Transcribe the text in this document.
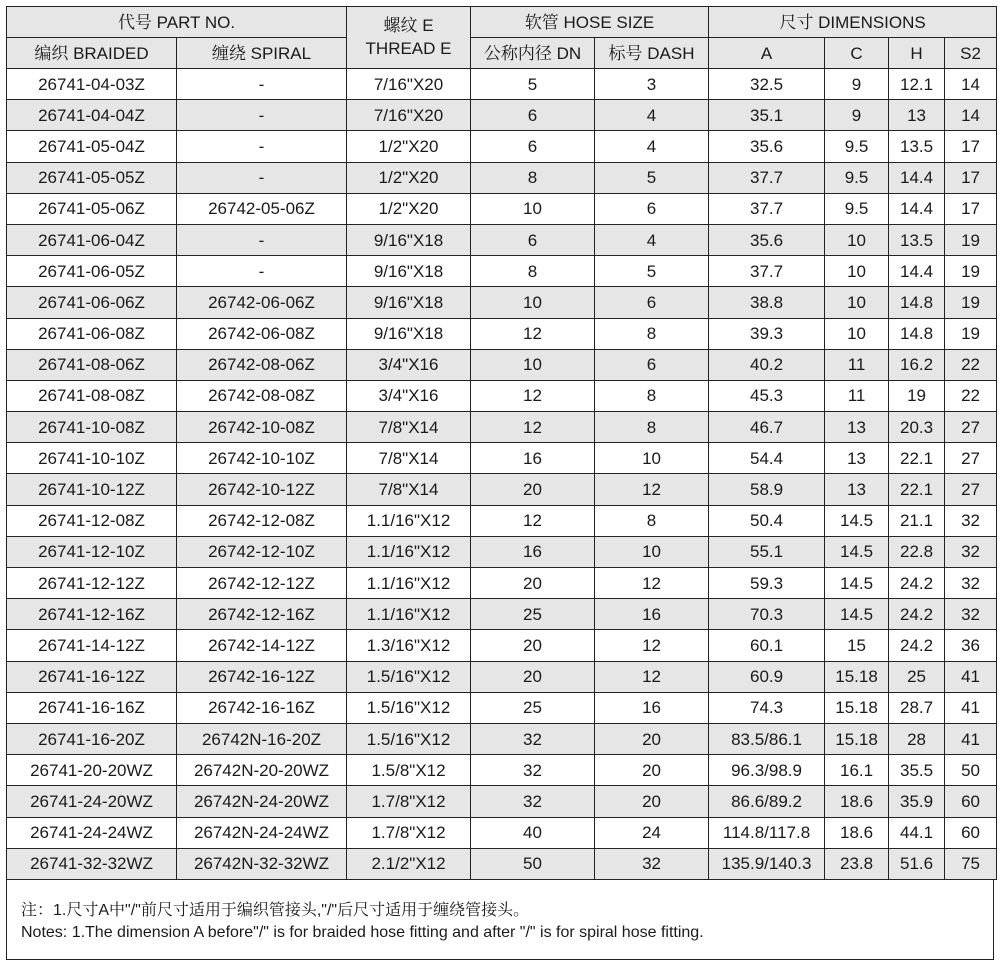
代号 PART NO.		螺纹 E
THREAD E	软管 HOSE SIZE		尺寸 DIMENSIONS			
编织 BRAIDED	缠绕 SPIRAL		公称内径 DN	标号 DASH	A	C	H	S2
26741-04-03Z	-	7/16"X20	5	3	32.5	9	12.1	14
26741-04-04Z	-	7/16"X20	6	4	35.1	9	13	14
26741-05-04Z	-	1/2"X20	6	4	35.6	9.5	13.5	17
26741-05-05Z	-	1/2"X20	8	5	37.7	9.5	14.4	17
26741-05-06Z	26742-05-06Z	1/2"X20	10	6	37.7	9.5	14.4	17
26741-06-04Z	-	9/16"X18	6	4	35.6	10	13.5	19
26741-06-05Z	-	9/16"X18	8	5	37.7	10	14.4	19
26741-06-06Z	26742-06-06Z	9/16"X18	10	6	38.8	10	14.8	19
26741-06-08Z	26742-06-08Z	9/16"X18	12	8	39.3	10	14.8	19
26741-08-06Z	26742-08-06Z	3/4"X16	10	6	40.2	11	16.2	22
26741-08-08Z	26742-08-08Z	3/4"X16	12	8	45.3	11	19	22
26741-10-08Z	26742-10-08Z	7/8"X14	12	8	46.7	13	20.3	27
26741-10-10Z	26742-10-10Z	7/8"X14	16	10	54.4	13	22.1	27
26741-10-12Z	26742-10-12Z	7/8"X14	20	12	58.9	13	22.1	27
26741-12-08Z	26742-12-08Z	1.1/16"X12	12	8	50.4	14.5	21.1	32
26741-12-10Z	26742-12-10Z	1.1/16"X12	16	10	55.1	14.5	22.8	32
26741-12-12Z	26742-12-12Z	1.1/16"X12	20	12	59.3	14.5	24.2	32
26741-12-16Z	26742-12-16Z	1.1/16"X12	25	16	70.3	14.5	24.2	32
26741-14-12Z	26742-14-12Z	1.3/16"X12	20	12	60.1	15	24.2	36
26741-16-12Z	26742-16-12Z	1.5/16"X12	20	12	60.9	15.18	25	41
26741-16-16Z	26742-16-16Z	1.5/16"X12	25	16	74.3	15.18	28.7	41
26741-16-20Z	26742N-16-20Z	1.5/16"X12	32	20	83.5/86.1	15.18	28	41
26741-20-20WZ	26742N-20-20WZ	1.5/8"X12	32	20	96.3/98.9	16.1	35.5	50
26741-24-20WZ	26742N-24-20WZ	1.7/8"X12	32	20	86.6/89.2	18.6	35.9	60
26741-24-24WZ	26742N-24-24WZ	1.7/8"X12	40	24	114.8/117.8	18.6	44.1	60
26741-32-32WZ	26742N-32-32WZ	2.1/2"X12	50	32	135.9/140.3	23.8	51.6	75
注：1.尺寸A中"/"前尺寸适用于编织管接头,"/"后尺寸适用于缠绕管接头。
Notes: 1.The dimension A before"/" is for braided hose fitting and after "/" is for spiral hose fitting.
